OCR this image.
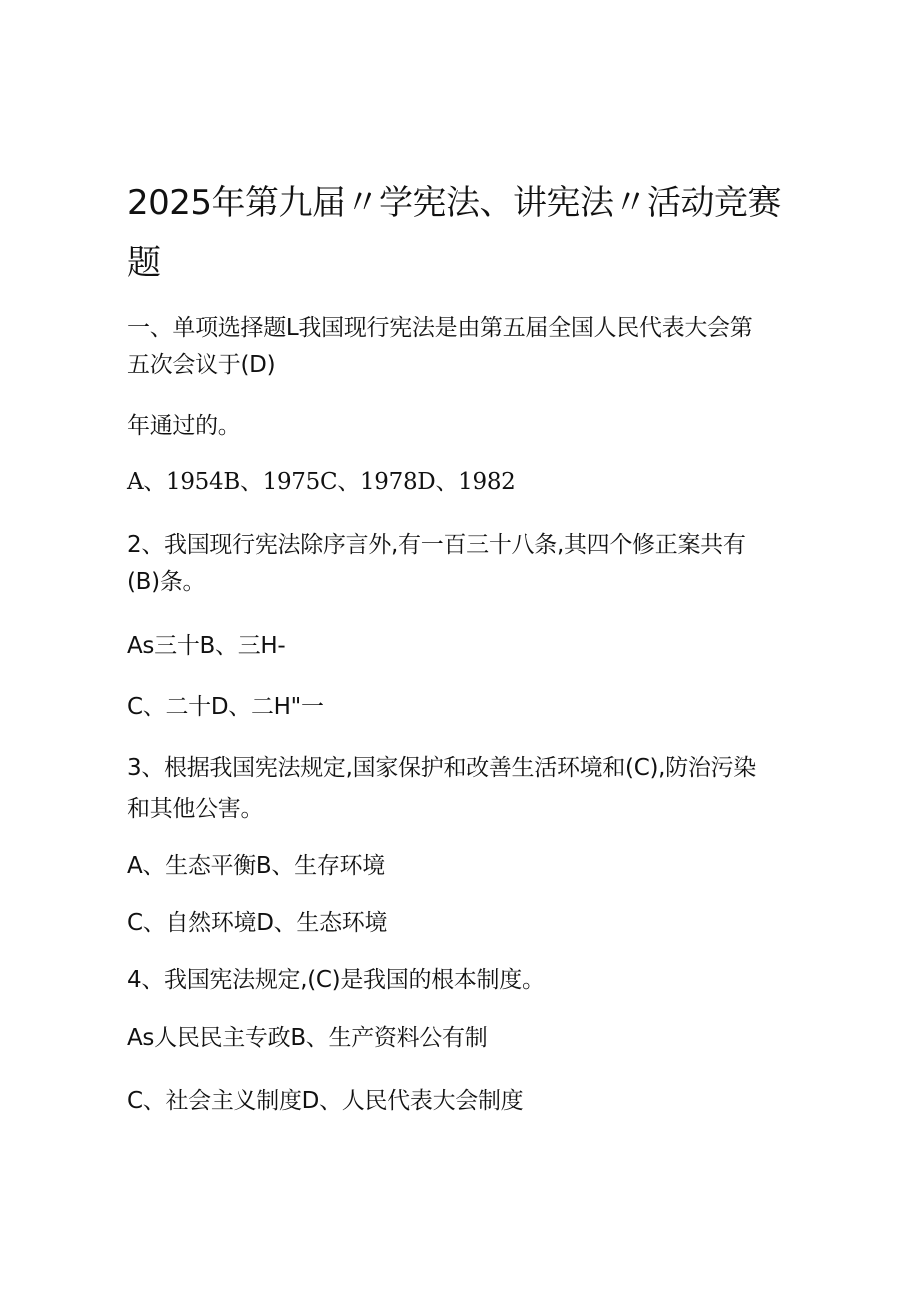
2025年第九届〃学宪法、讲宪法〃活动竞赛
题
一、单项选择题L我国现行宪法是由第五届全国人民代表大会第
五次会议于(D)
年通过的。
A、1954B、1975C、1978D、1982
2、我国现行宪法除序言外,有一百三十八条,其四个修正案共有
(B)条。
As三十B、三H-
C、二十D、二H"一
3、根据我国宪法规定,国家保护和改善生活环境和(C),防治污染
和其他公害。
A、生态平衡B、生存环境
C、自然环境D、生态环境
4、我国宪法规定,(C)是我国的根本制度。
As人民民主专政B、生产资料公有制
C、社会主义制度D、人民代表大会制度
